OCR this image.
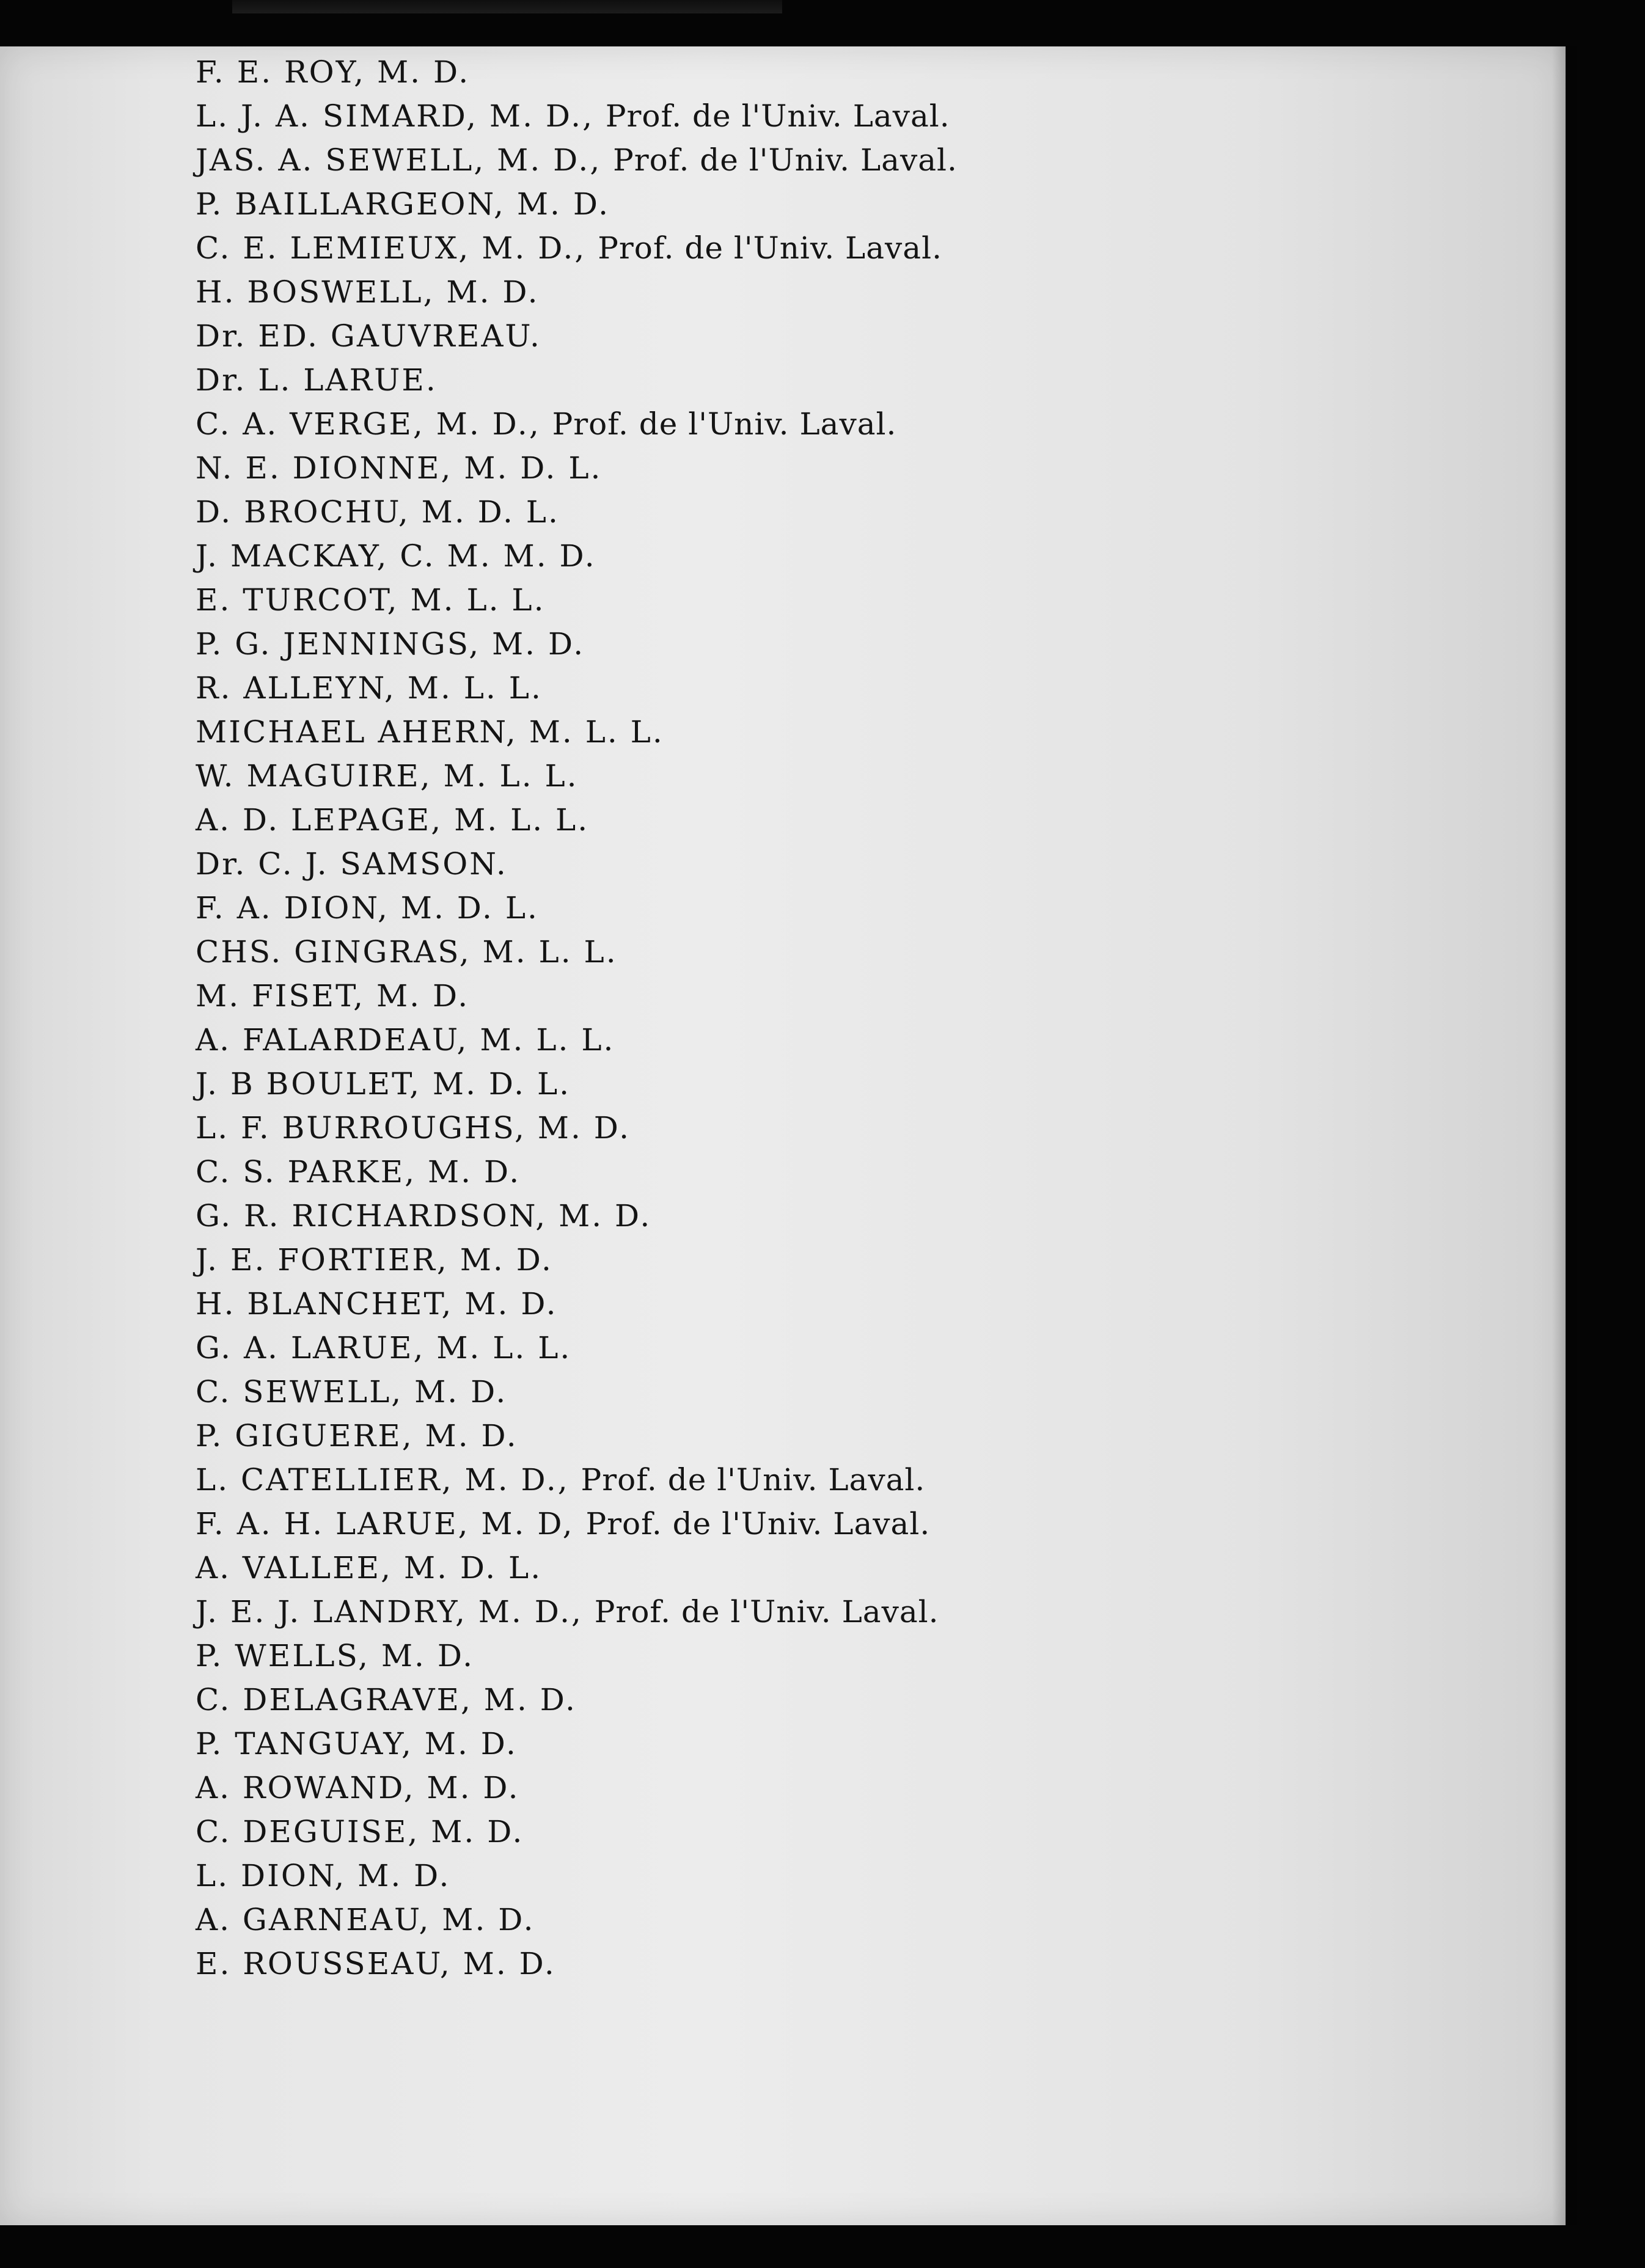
F. E. ROY, M. D.
L. J. A. SIMARD, M. D., Prof. de l'Univ. Laval.
JAS. A. SEWELL, M. D., Prof. de l'Univ. Laval.
P. BAILLARGEON, M. D.
C. E. LEMIEUX, M. D., Prof. de l'Univ. Laval.
H. BOSWELL, M. D.
Dr. ED. GAUVREAU.
Dr. L. LARUE.
C. A. VERGE, M. D., Prof. de l'Univ. Laval.
N. E. DIONNE, M. D. L.
D. BROCHU, M. D. L.
J. MACKAY, C. M. M. D.
E. TURCOT, M. L. L.
P. G. JENNINGS, M. D.
R. ALLEYN, M. L. L.
MICHAEL AHERN, M. L. L.
W. MAGUIRE, M. L. L.
A. D. LEPAGE, M. L. L.
Dr. C. J. SAMSON.
F. A. DION, M. D. L.
CHS. GINGRAS, M. L. L.
M. FISET, M. D.
A. FALARDEAU, M. L. L.
J. B BOULET, M. D. L.
L. F. BURROUGHS, M. D.
C. S. PARKE, M. D.
G. R. RICHARDSON, M. D.
J. E. FORTIER, M. D.
H. BLANCHET, M. D.
G. A. LARUE, M. L. L.
C. SEWELL, M. D.
P. GIGUERE, M. D.
L. CATELLIER, M. D., Prof. de l'Univ. Laval.
F. A. H. LARUE, M. D, Prof. de l'Univ. Laval.
A. VALLEE, M. D. L.
J. E. J. LANDRY, M. D., Prof. de l'Univ. Laval.
P. WELLS, M. D.
C. DELAGRAVE, M. D.
P. TANGUAY, M. D.
A. ROWAND, M. D.
C. DEGUISE, M. D.
L. DION, M. D.
A. GARNEAU, M. D.
E. ROUSSEAU, M. D.
